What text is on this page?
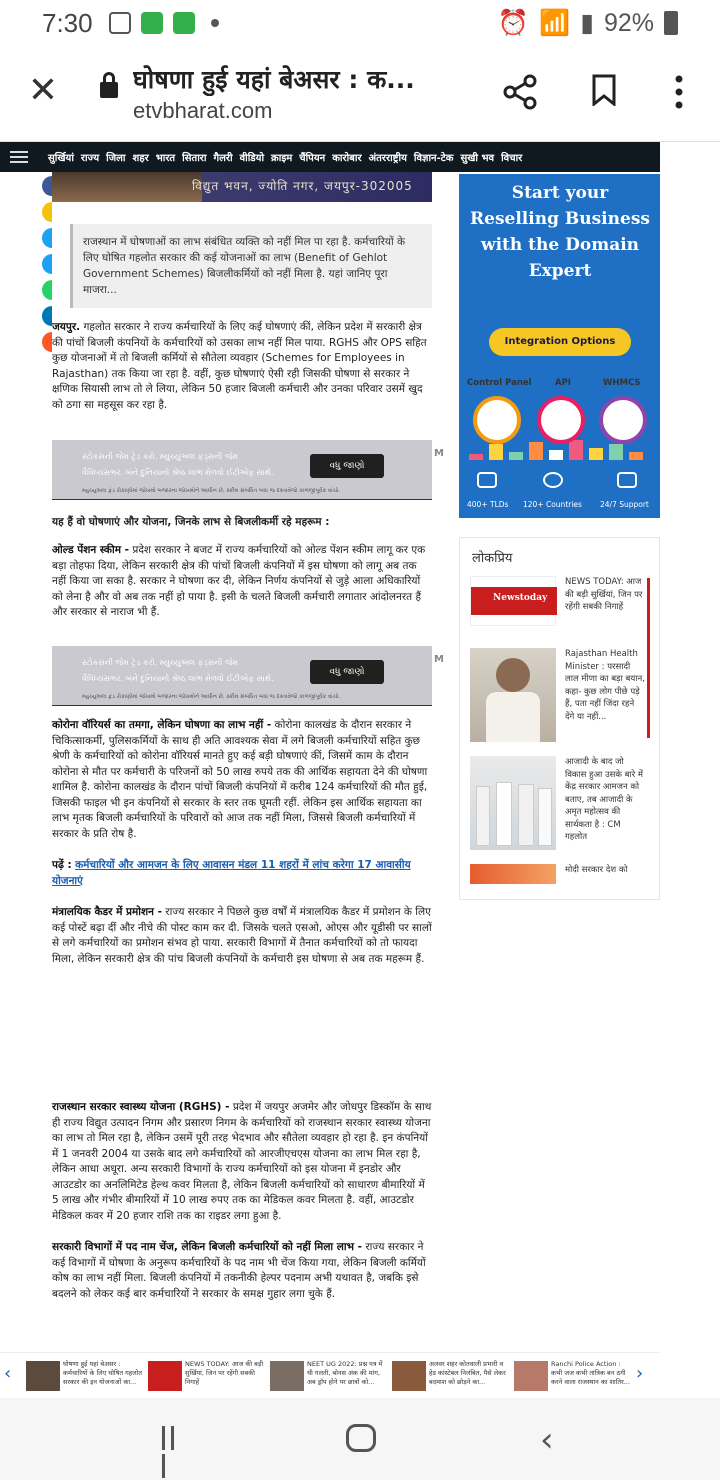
7:30	⏰ 📶 ▮ 92%
✕	घोषणा हुई यहां बेअसर : क...
etvbharat.com
सुर्खियां राज्य जिला शहर भारत सितारा गैलरी वीडियो क्राइम चैंपियन कारोबार अंतरराष्ट्रीय विज्ञान-टेक सुखी भव विचार
विद्युत भवन, ज्योति नगर, जयपुर-302005
राजस्थान में घोषणाओं का लाभ संबंधित व्यक्ति को नहीं मिल पा रहा है. कर्मचारियों के लिए घोषित गहलोत सरकार की कई योजनाओं का लाभ (Benefit of Gehlot Government Schemes) बिजलीकर्मियों को नहीं मिला है. यहां जानिए पूरा माजरा...

जयपुर. गहलोत सरकार ने राज्य कर्मचारियों के लिए कई घोषणाएं कीं, लेकिन प्रदेश में सरकारी क्षेत्र की पांचों बिजली कंपनियों के कर्मचारियों को उसका लाभ नहीं मिल पाया. RGHS और OPS सहित कुछ योजनाओं में तो बिजली कर्मियों से सौतेला व्यवहार (Schemes for Employees in Rajasthan) तक किया जा रहा है. वहीं, कुछ घोषणाएं ऐसी रही जिसकी घोषणा से सरकार ने क्षणिक सियासी लाभ तो ले लिया, लेकिन 50 हजार बिजली कर्मचारी और उनका परिवार उसमें खुद को ठगा सा महसूस कर रहा है.

સ્ટોકસની જેમ ટ્રેડ કરો. મ્યુચ્યુઅલ ફંડ્સની જેમ
વૈવિધ્યસભર. બંને દુનિયાનો શ્રેષ્ઠ લાભ મેળવો ઈટીએફ સાથે.
વધુ જાણો
મ્યુચ્યુઅલ ફંડ રોકાણોમાં જોખમો બજારના જોખમોને આધીન છે, સ્કીમ સંબંધિત બધા જ દસ્તાવેજો કાળજીપૂર્વક વાંચો.
M
यह हैं वो घोषणाएं और योजना, जिनके लाभ से बिजलीकर्मी रहे महरूम :

ओल्ड पेंशन स्कीम - प्रदेश सरकार ने बजट में राज्य कर्मचारियों को ओल्ड पेंशन स्कीम लागू कर एक बड़ा तोहफा दिया, लेकिन सरकारी क्षेत्र की पांचों बिजली कंपनियों में इस घोषणा को लागू अब तक नहीं किया जा सका है. सरकार ने घोषणा कर दी, लेकिन निर्णय कंपनियों से जुड़े आला अधिकारियों को लेना है और वो अब तक नहीं हो पाया है. इसी के चलते बिजली कर्मचारी लगातार आंदोलनरत हैं और सरकार से नाराज भी हैं.

સ્ટોકસની જેમ ટ્રેડ કરો. મ્યુચ્યુઅલ ફંડ્સની જેમ
વૈવિધ્યસભર. બંને દુનિયાનો શ્રેષ્ઠ લાભ મેળવો ઈટીએફ સાથે.
વધુ જાણો
મ્યુચ્યુઅલ ફંડ રોકાણોમાં જોખમો બજારના જોખમોને આધીન છે, સ્કીમ સંબંધિત બધા જ દસ્તાવેજો કાળજીપૂર્વક વાંચો.
M

कोरोना वॉरियर्स का तमगा, लेकिन घोषणा का लाभ नहीं - कोरोना कालखंड के दौरान सरकार ने चिकित्साकर्मी, पुलिसकर्मियों के साथ ही अति आवश्यक सेवा में लगे बिजली कर्मचारियों सहित कुछ श्रेणी के कर्मचारियों को कोरोना वॉरियर्स मानते हुए कई बड़ी घोषणाएं कीं, जिसमें काम के दौरान कोरोना से मौत पर कर्मचारी के परिजनों को 50 लाख रुपये तक की आर्थिक सहायता देने की घोषणा शामिल है. कोरोना कालखंड के दौरान पांचों बिजली कंपनियों में करीब 124 कर्मचारियों की मौत हुई, जिसकी फाइल भी इन कंपनियों से सरकार के स्तर तक घूमती रहीं. लेकिन इस आर्थिक सहायता का लाभ मृतक बिजली कर्मचारियों के परिवारों को आज तक नहीं मिला, जिससे बिजली कर्मचारियों में सरकार के प्रति रोष है.

पढ़ें : कर्मचारियों और आमजन के लिए आवासन मंडल 11 शहरों में लांच करेगा 17 आवासीय योजनाएं

मंत्रालयिक कैडर में प्रमोशन - राज्य सरकार ने पिछले कुछ वर्षों में मंत्रालयिक कैडर में प्रमोशन के लिए कई पोस्टें बढ़ा दीं और नीचे की पोस्ट काम कर दी. जिसके चलते एसओ, ओएस और यूडीसी पर सालों से लगे कर्मचारियों का प्रमोशन संभव हो पाया. सरकारी विभागों में तैनात कर्मचारियों को तो फायदा मिला, लेकिन सरकारी क्षेत्र की पांच बिजली कंपनियों के कर्मचारी इस घोषणा से अब तक महरूम हैं.

राजस्थान सरकार स्वास्थ्य योजना (RGHS) - प्रदेश में जयपुर अजमेर और जोधपुर डिस्कॉम के साथ ही राज्य विद्युत उत्पादन निगम और प्रसारण निगम के कर्मचारियों को राजस्थान सरकार स्वास्थ्य योजना का लाभ तो मिल रहा है, लेकिन उसमें पूरी तरह भेदभाव और सौतेला व्यवहार हो रहा है. इन कंपनियों में 1 जनवरी 2004 या उसके बाद लगे कर्मचारियों को आरजीएचएस योजना का लाभ मिल रहा है, लेकिन आधा अधूरा. अन्य सरकारी विभागों के राज्य कर्मचारियों को इस योजना में इनडोर और आउटडोर का अनलिमिटेड हेल्थ कवर मिलता है, लेकिन बिजली कर्मचारियों को साधारण बीमारियों में 5 लाख और गंभीर बीमारियों में 10 लाख रुपए तक का मेडिकल कवर मिलता है. वहीं, आउटडोर मेडिकल कवर में 20 हजार राशि तक का राइडर लगा हुआ है.

सरकारी विभागों में पद नाम चेंज, लेकिन बिजली कर्मचारियों को नहीं मिला लाभ - राज्य सरकार ने कई विभागों में घोषणा के अनुरूप कर्मचारियों के पद नाम भी चेंज किया गया, लेकिन बिजली कर्मियों कोष का लाभ नहीं मिला. बिजली कंपनियों में तकनीकी हेल्पर पदनाम अभी यथावत है, जबकि इसे बदलने को लेकर कई बार कर्मचारियों ने सरकार के समक्ष गुहार लगा चुके हैं.

Start your Reselling Business with the Domain Expert
Integration Options
Control Panel	API	WHMCS
400+ TLDs 120+ Countries 24/7 Support
लोकप्रिय
Newstoday
NEWS TODAY: आज की बड़ी सुर्खियां, जिन पर रहेंगी सबकी निगाहें
Rajasthan Health Minister : परसादी लाल मीणा का बड़ा बयान, कहा- कुछ लोग पीछे पड़े हैं, पता नहीं जिंदा रहने देंगे या नहीं...
आजादी के बाद जो विकास हुआ उसके बारे में केंद्र सरकार आमजन को बताए, तब आजादी के अमृत महोत्सव की सार्थकता है : CM गहलोत
मोदी सरकार देश को
‹	घोषणा हुई यहां बेअसर : कर्मचारियों के लिए घोषित गहलोत सरकार की इन योजनाओं का...
NEWS TODAY: आज की बड़ी सुर्खियां, जिन पर रहेंगी सबकी निगाहें
NEET UG 2022: प्रश्न पत्र में थी गलती, बोनस अंक की मांग, अब ड्रॉप होने पर छात्रों को...
अलवर शहर कोतवाली प्रभारी व हेड कांस्टेबल निलंबित, पैसे लेकर बदमाश को छोड़ने का...
Ranchi Police Action : कभी जज कभी तांत्रिक बन ठगी करने वाला राजस्थान का शातिर... ›
‹
